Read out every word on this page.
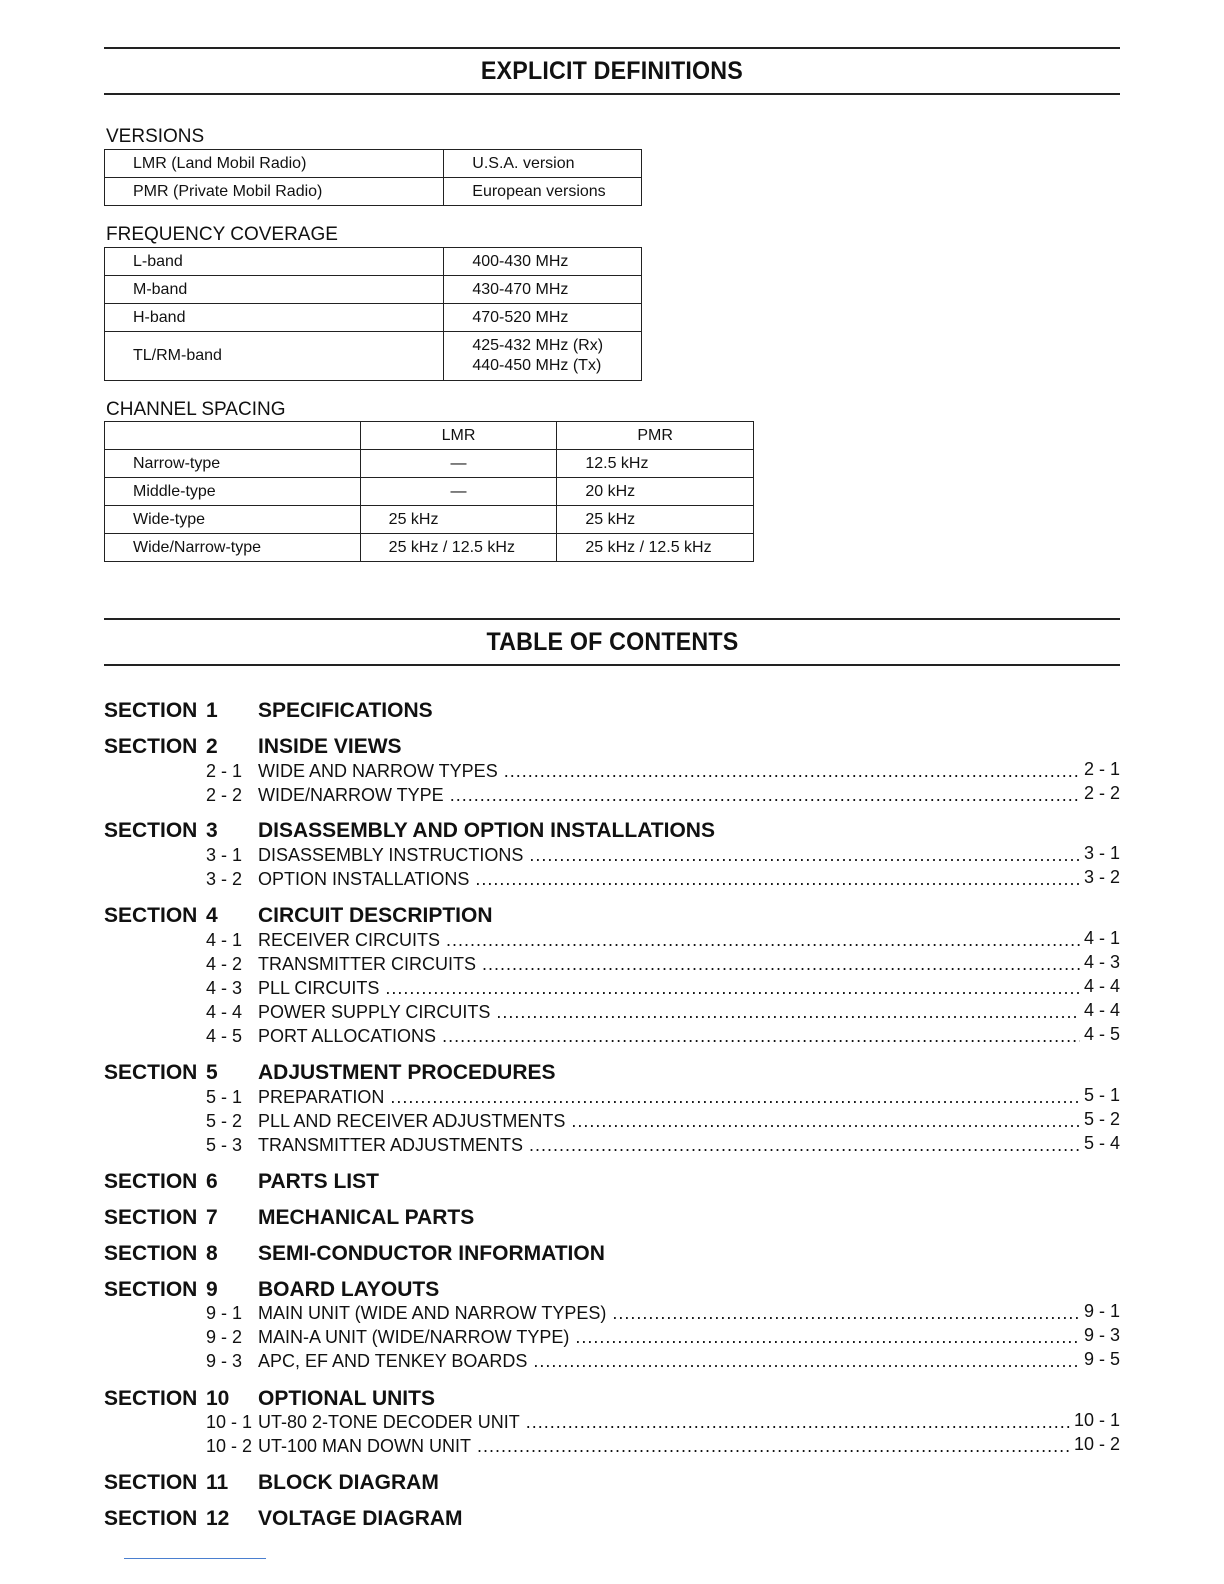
EXPLICIT DEFINITIONS
VERSIONS
LMR (Land Mobil Radio)	U.S.A. version
PMR (Private Mobil Radio)	European versions
FREQUENCY COVERAGE
L-band	400-430 MHz
M-band	430-470 MHz
H-band	470-520 MHz
TL/RM-band	425-432 MHz (Rx)
440-450 MHz (Tx)
CHANNEL SPACING
	LMR	PMR
Narrow-type	—	12.5 kHz
Middle-type	—	20 kHz
Wide-type	25 kHz	25 kHz
Wide/Narrow-type	25 kHz / 12.5 kHz	25 kHz / 12.5 kHz
TABLE OF CONTENTS
SECTION 1 SPECIFICATIONS
SECTION 2 INSIDE VIEWS
2 - 1 WIDE AND NARROW TYPES .....	2 - 1
2 - 2 WIDE/NARROW TYPE .....	2 - 2
SECTION 3 DISASSEMBLY AND OPTION INSTALLATIONS
3 - 1 DISASSEMBLY INSTRUCTIONS .....	3 - 1
3 - 2 OPTION INSTALLATIONS .....	3 - 2
SECTION 4 CIRCUIT DESCRIPTION
4 - 1 RECEIVER CIRCUITS .....	4 - 1
4 - 2 TRANSMITTER CIRCUITS .....	4 - 3
4 - 3 PLL CIRCUITS .....	4 - 4
4 - 4 POWER SUPPLY CIRCUITS .....	4 - 4
4 - 5 PORT ALLOCATIONS .....	4 - 5
SECTION 5 ADJUSTMENT PROCEDURES
5 - 1 PREPARATION .....	5 - 1
5 - 2 PLL AND RECEIVER ADJUSTMENTS .....	5 - 2
5 - 3 TRANSMITTER ADJUSTMENTS .....	5 - 4
SECTION 6 PARTS LIST
SECTION 7 MECHANICAL PARTS
SECTION 8 SEMI-CONDUCTOR INFORMATION
SECTION 9 BOARD LAYOUTS
9 - 1 MAIN UNIT (WIDE AND NARROW TYPES) .....	9 - 1
9 - 2 MAIN-A UNIT (WIDE/NARROW TYPE) .....	9 - 3
9 - 3 APC, EF AND TENKEY BOARDS .....	9 - 5
SECTION 10 OPTIONAL UNITS
10 - 1 UT-80 2-TONE DECODER UNIT .....	10 - 1
10 - 2 UT-100 MAN DOWN UNIT .....	10 - 2
SECTION 11 BLOCK DIAGRAM
SECTION 12 VOLTAGE DIAGRAM
